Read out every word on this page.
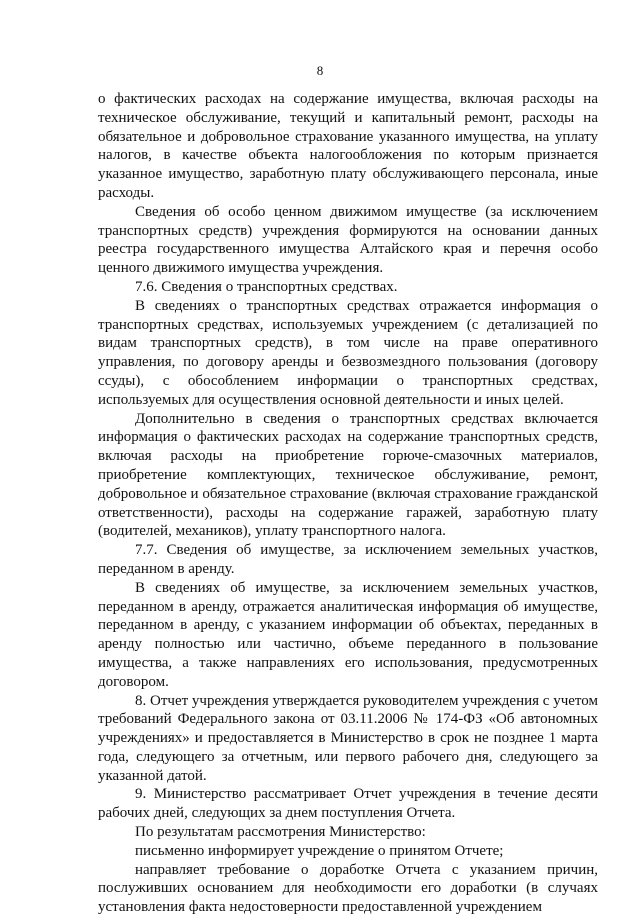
8

о фактических расходах на содержание имущества, включая расходы на техническое обслуживание, текущий и капитальный ремонт, расходы на обязательное и добровольное страхование указанного имущества, на уплату налогов, в качестве объекта налогообложения по которым признается указанное имущество, заработную плату обслуживающего персонала, иные расходы.

Сведения об особо ценном движимом имуществе (за исключением транспортных средств) учреждения формируются на основании данных реестра государственного имущества Алтайского края и перечня особо ценного движимого имущества учреждения.

7.6. Сведения о транспортных средствах.

В сведениях о транспортных средствах отражается информация о транспортных средствах, используемых учреждением (с детализацией по видам транспортных средств), в том числе на праве оперативного управления, по договору аренды и безвозмездного пользования (договору ссуды), с обособлением информации о транспортных средствах, используемых для осуществления основной деятельности и иных целей.

Дополнительно в сведения о транспортных средствах включается информация о фактических расходах на содержание транспортных средств, включая расходы на приобретение горюче-смазочных материалов, приобретение комплектующих, техническое обслуживание, ремонт, добровольное и обязательное страхование (включая страхование гражданской ответственности), расходы на содержание гаражей, заработную плату (водителей, механиков), уплату транспортного налога.

7.7. Сведения об имуществе, за исключением земельных участков, переданном в аренду.

В сведениях об имуществе, за исключением земельных участков, переданном в аренду, отражается аналитическая информация об имуществе, переданном в аренду, с указанием информации об объектах, переданных в аренду полностью или частично, объеме переданного в пользование имущества, а также направлениях его использования, предусмотренных договором.

8. Отчет учреждения утверждается руководителем учреждения с учетом требований Федерального закона от 03.11.2006 № 174-ФЗ «Об автономных учреждениях» и предоставляется в Министерство в срок не позднее 1 марта года, следующего за отчетным, или первого рабочего дня, следующего за указанной датой.

9. Министерство рассматривает Отчет учреждения в течение десяти рабочих дней, следующих за днем поступления Отчета.

По результатам рассмотрения Министерство:

письменно информирует учреждение о принятом Отчете;

направляет требование о доработке Отчета с указанием причин, послуживших основанием для необходимости его доработки (в случаях установления факта недостоверности предоставленной учреждением
